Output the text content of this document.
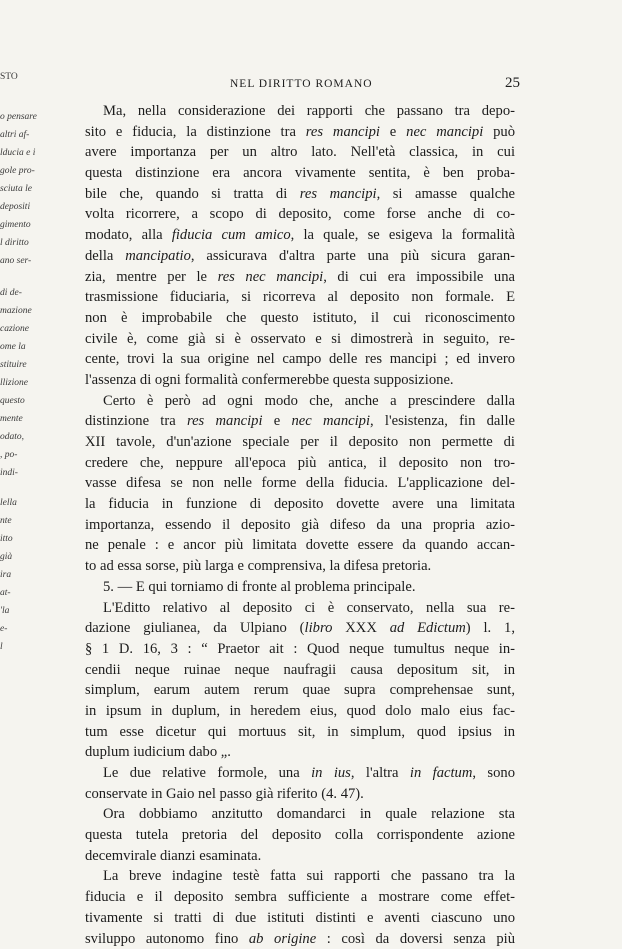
STO
o pensare
altri af-
lducia e i
gole pro-
sciuta le
depositi
gimento
l diritto
ano ser-
di de-
mazione
cazione
ome la
stituire
llizione
questo
mente
odato,
, po-
indi-
lella
nte
itto
già
ira
at-
'la
e-
l
NEL DIRITTO ROMANO	25
Ma, nella considerazione dei rapporti che passano tra depo-
sito e fiducia, la distinzione tra res mancipi e nec mancipi può
avere importanza per un altro lato. Nell'età classica, in cui
questa distinzione era ancora vivamente sentita, è ben proba-
bile che, quando si tratta di res mancipi, si amasse qualche
volta ricorrere, a scopo di deposito, come forse anche di co-
modato, alla fiducia cum amico, la quale, se esigeva la formalità
della mancipatio, assicurava d'altra parte una più sicura garan-
zia, mentre per le res nec mancipi, di cui era impossibile una
trasmissione fiduciaria, si ricorreva al deposito non formale. E
non è improbabile che questo istituto, il cui riconoscimento
civile è, come già si è osservato e si dimostrerà in seguito, re-
cente, trovi la sua origine nel campo delle res mancipi ; ed invero
l'assenza di ogni formalità confermerebbe questa supposizione.
Certo è però ad ogni modo che, anche a prescindere dalla
distinzione tra res mancipi e nec mancipi, l'esistenza, fin dalle
XII tavole, d'un'azione speciale per il deposito non permette di
credere che, neppure all'epoca più antica, il deposito non tro-
vasse difesa se non nelle forme della fiducia. L'applicazione del-
la fiducia in funzione di deposito dovette avere una limitata
importanza, essendo il deposito già difeso da una propria azio-
ne penale : e ancor più limitata dovette essere da quando accan-
to ad essa sorse, più larga e comprensiva, la difesa pretoria.
5. — E qui torniamo di fronte al problema principale.
L'Editto relativo al deposito ci è conservato, nella sua re-
dazione giulianea, da Ulpiano (libro XXX ad Edictum) l. 1,
§ 1 D. 16, 3 : “ Praetor ait : Quod neque tumultus neque in-
cendii neque ruinae neque naufragii causa depositum sit, in
simplum, earum autem rerum quae supra comprehensae sunt,
in ipsum in duplum, in heredem eius, quod dolo malo eius fac-
tum esse dicetur qui mortuus sit, in simplum, quod ipsius in
duplum iudicium dabo „.
Le due relative formole, una in ius, l'altra in factum, sono
conservate in Gaio nel passo già riferito (4. 47).
Ora dobbiamo anzitutto domandarci in quale relazione sta
questa tutela pretoria del deposito colla corrispondente azione
decemvirale dianzi esaminata.
La breve indagine testè fatta sui rapporti che passano tra la
fiducia e il deposito sembra sufficiente a mostrare come effet-
tivamente si tratti di due istituti distinti e aventi ciascuno uno
sviluppo autonomo fino ab origine : così da doversi senza più
